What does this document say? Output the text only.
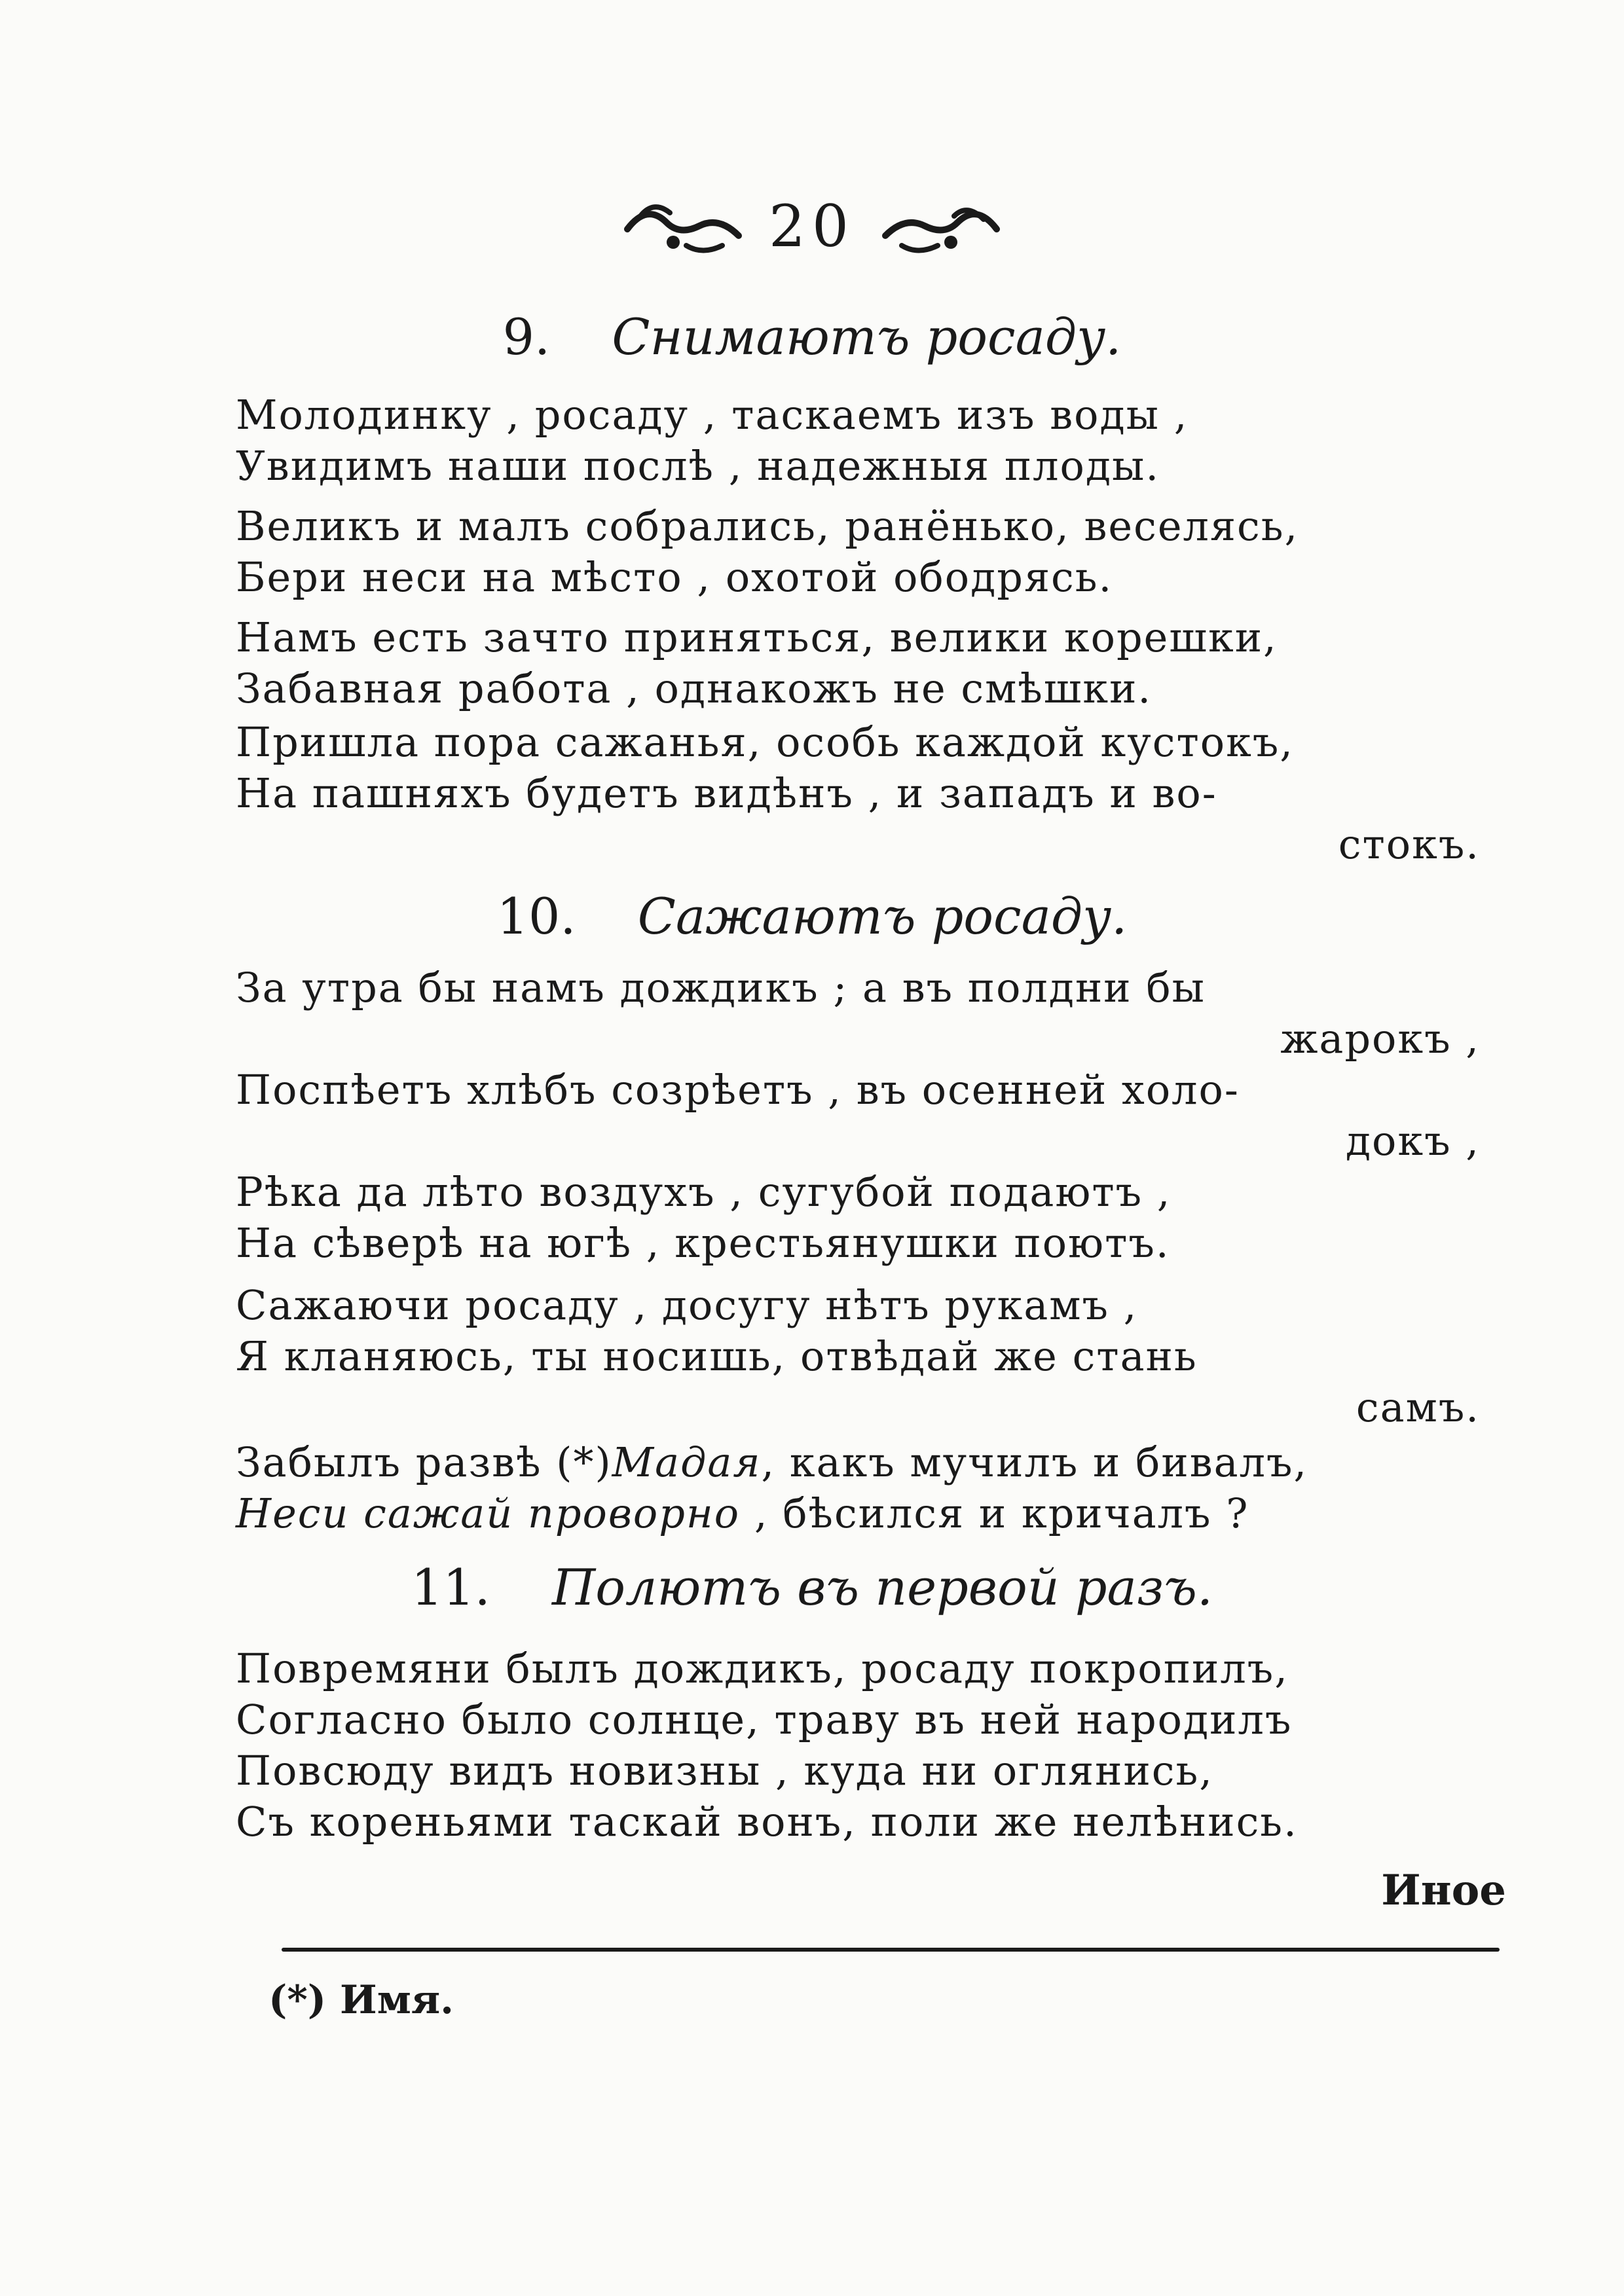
20
9. Снимаютъ росаду.
Молодинку , росаду , таскаемъ изъ воды ,
Увидимъ наши послѣ , надежныя плоды.
Великъ и малъ собрались, ранёнько, веселясь,
Бери неси на мѣсто , охотой ободрясь.
Намъ есть зачто приняться, велики корешки,
Забавная работа , однакожъ не смѣшки.
Пришла пора сажанья, особь каждой кустокъ,
На пашняхъ будетъ видѣнъ , и западъ и во-
стокъ.
10. Сажаютъ росаду.
За утра бы намъ дождикъ ; а въ полдни бы
жарокъ ,
Поспѣетъ хлѣбъ созрѣетъ , въ осенней холо-
докъ ,
Рѣка да лѣто воздухъ , сугубой подаютъ ,
На сѣверѣ на югѣ , крестьянушки поютъ.
Сажаючи росаду , досугу нѣтъ рукамъ ,
Я кланяюсь, ты носишь, отвѣдай же стань
самъ.
Забылъ развѣ (*)Мадая, какъ мучилъ и бивалъ,
Неси сажай проворно , бѣсился и кричалъ ?
11. Полютъ въ первой разъ.
Повремяни былъ дождикъ, росаду покропилъ,
Согласно было солнце, траву въ ней народилъ
Повсюду видъ новизны , куда ни оглянись,
Съ кореньями таскай вонъ, поли же нелѣнись.
Иное
(*) Имя.
